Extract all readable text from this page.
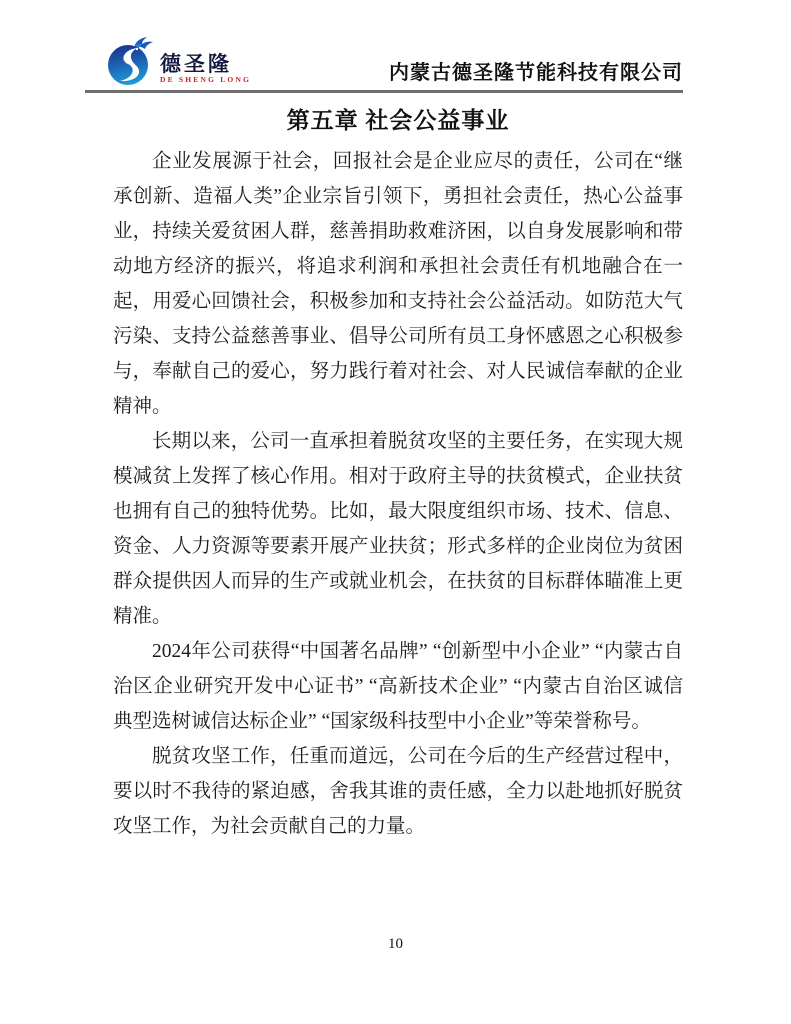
德圣隆
DE SHENG LONG	内蒙古德圣隆节能科技有限公司
第五章 社会公益事业

企业发展源于社会，回报社会是企业应尽的责任，公司在“继承创新、造福人类”企业宗旨引领下，勇担社会责任，热心公益事业，持续关爱贫困人群，慈善捐助救难济困，以自身发展影响和带动地方经济的振兴，将追求利润和承担社会责任有机地融合在一起，用爱心回馈社会，积极参加和支持社会公益活动。如防范大气污染、支持公益慈善事业、倡导公司所有员工身怀感恩之心积极参与，奉献自己的爱心，努力践行着对社会、对人民诚信奉献的企业精神。

长期以来，公司一直承担着脱贫攻坚的主要任务，在实现大规模减贫上发挥了核心作用。相对于政府主导的扶贫模式，企业扶贫也拥有自己的独特优势。比如，最大限度组织市场、技术、信息、资金、人力资源等要素开展产业扶贫；形式多样的企业岗位为贫困群众提供因人而异的生产或就业机会，在扶贫的目标群体瞄准上更精准。

2024年公司获得“中国著名品牌” “创新型中小企业” “内蒙古自治区企业研究开发中心证书” “高新技术企业” “内蒙古自治区诚信典型选树诚信达标企业” “国家级科技型中小企业”等荣誉称号。

脱贫攻坚工作，任重而道远，公司在今后的生产经营过程中，要以时不我待的紧迫感，舍我其谁的责任感，全力以赴地抓好脱贫攻坚工作，为社会贡献自己的力量。

10
